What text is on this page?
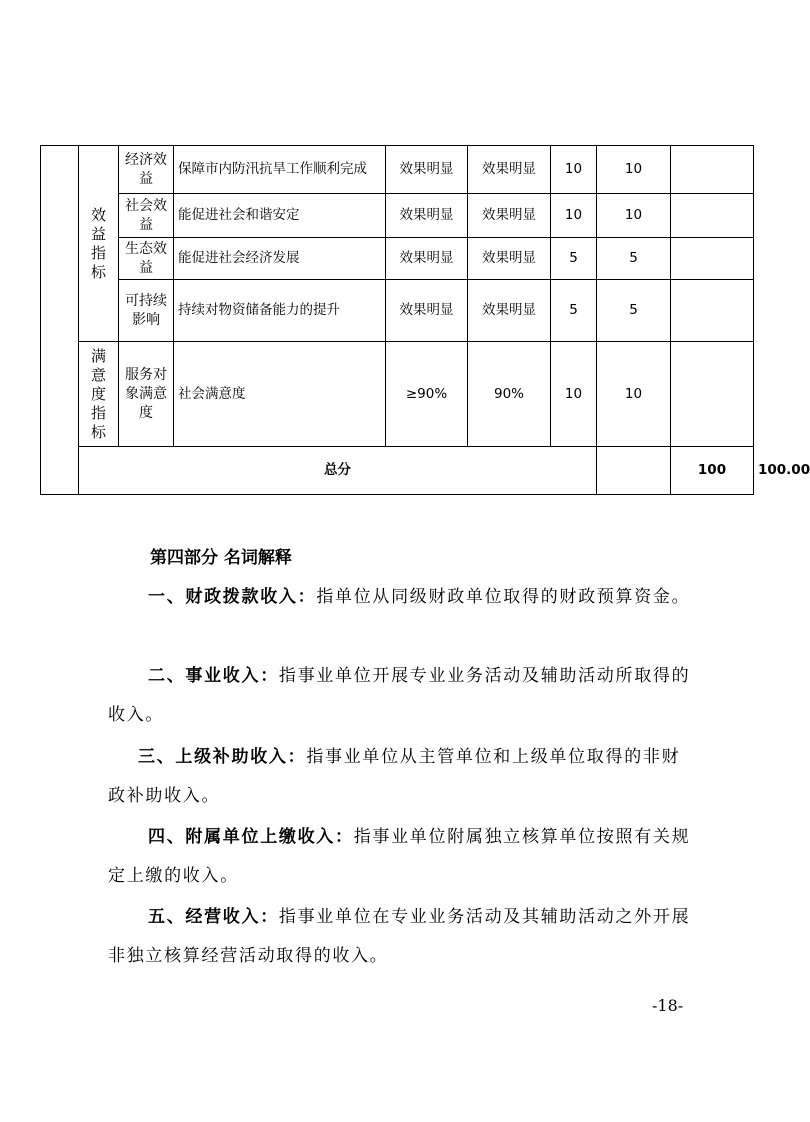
	效益指标	经济效益	保障市内防汛抗旱工作顺利完成	效果明显	效果明显	10	10		
		社会效益	能促进社会和谐安定	效果明显	效果明显	10	10		
		生态效益	能促进社会经济发展	效果明显	效果明显	5	5		
		可持续影响	持续对物资储备能力的提升	效果明显	效果明显	5	5		
	满意度指标	服务对象满意度	社会满意度	≥90%	90%	10	10		
	总分							100	100.00	
第四部分 名词解释

一、财政拨款收入：指单位从同级财政单位取得的财政预算资金。

二、事业收入：指事业单位开展专业业务活动及辅助活动所取得的收入。

三、上级补助收入：指事业单位从主管单位和上级单位取得的非财政补助收入。

四、附属单位上缴收入：指事业单位附属独立核算单位按照有关规定上缴的收入。

五、经营收入：指事业单位在专业业务活动及其辅助活动之外开展非独立核算经营活动取得的收入。

-18-
